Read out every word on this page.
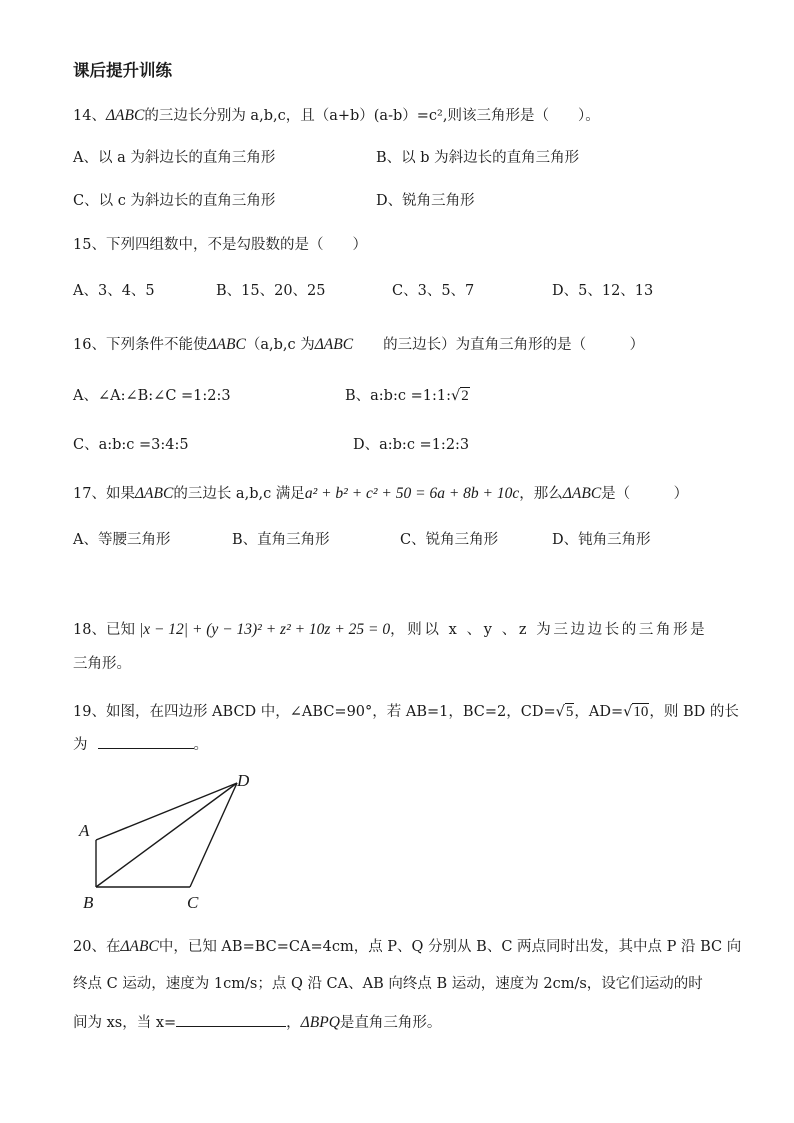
课后提升训练
14、ΔABC的三边长分别为 a,b,c，且（a+b）(a-b）=c²,则该三角形是（　　）。
A、以 a 为斜边长的直角三角形	B、以 b 为斜边长的直角三角形
C、以 c 为斜边长的直角三角形	D、锐角三角形
15、下列四组数中，不是勾股数的是（　　）
A、3、4、5	B、15、20、25	C、3、5、7	D、5、12、13
16、下列条件不能使ΔABC（a,b,c 为ΔABC 的三边长）为直角三角形的是（　　　）
A、∠A:∠B:∠C =1:2:3	B、a:b:c =1:1:√2
C、a:b:c =3:4:5	D、a:b:c =1:2:3
17、如果ΔABC的三边长 a,b,c 满足a² + b² + c² + 50 = 6a + 8b + 10c，那么ΔABC是（　　　）
A、等腰三角形	B、直角三角形	C、锐角三角形	D、钝角三角形
18、已知 |x − 12| + (y − 13)² + z² + 10z + 25 = 0，则以 x 、y 、z 为三边边长的三角形是
三角形。
19、如图，在四边形 ABCD 中，∠ABC=90°，若 AB=1，BC=2，CD=√5，AD=√10，则 BD 的长
为	。
A
B	C
D
20、在ΔABC中，已知 AB=BC=CA=4cm，点 P、Q 分别从 B、C 两点同时出发，其中点 P 沿 BC 向
终点 C 运动，速度为 1cm/s；点 Q 沿 CA、AB 向终点 B 运动，速度为 2cm/s，设它们运动的时
间为 xs，当 x=	，ΔBPQ是直角三角形。
